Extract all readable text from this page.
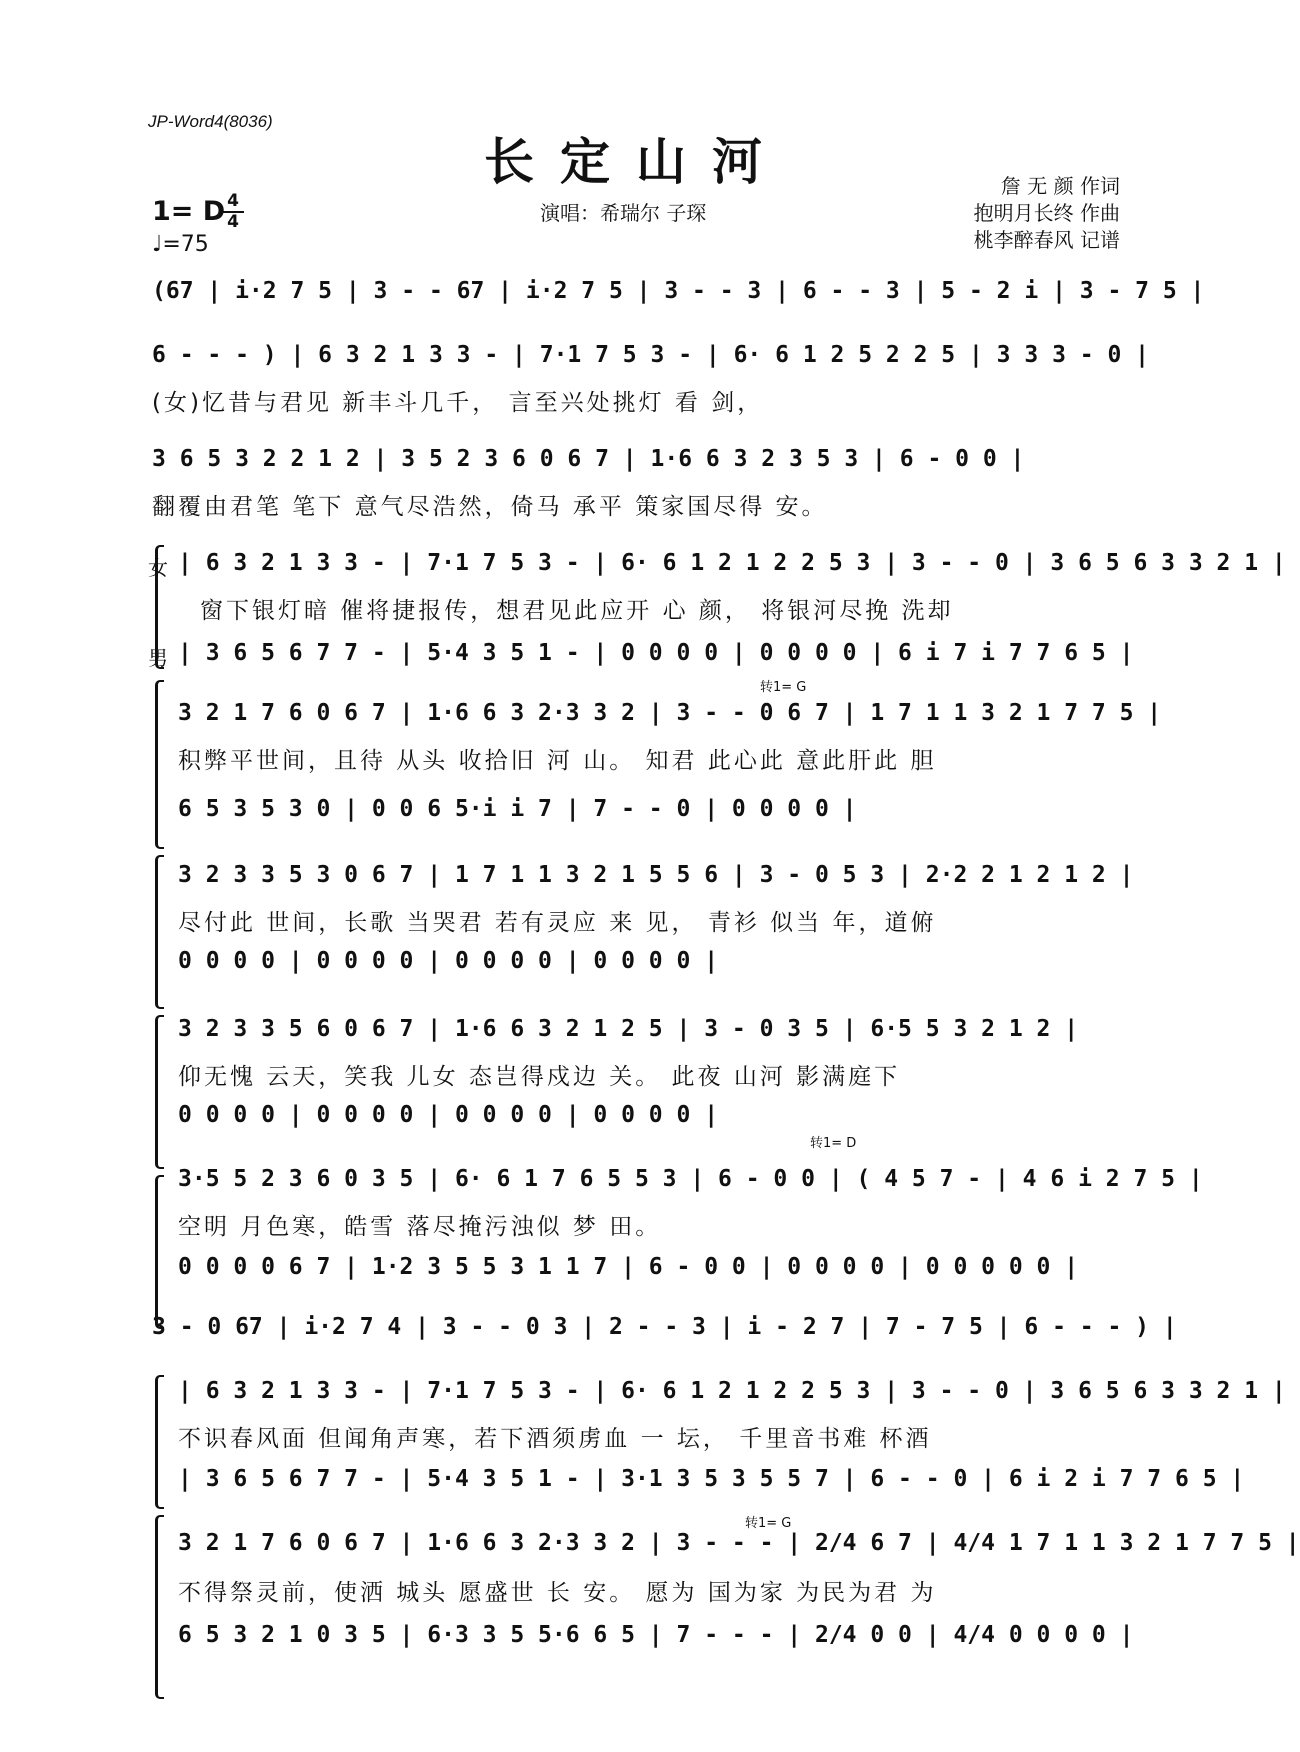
JP-Word4(8036)
长定山河
1= D 4
4
♩=75
演唱：希瑞尔 子琛
詹 无 颜 作词
抱明月长终 作曲
桃李醉春风 记谱
女
男
转1= G
转1= D
转1= G
(67 | i·2 7 5 | 3 - - 67 | i·2 7 5 | 3 - - 3 | 6 - - 3 | 5 - 2 i | 3 - 7 5 |
6 - - - ) | 6 3 2 1 3 3 - | 7·1 7 5 3 - | 6· 6 1 2 5 2 2 5 | 3 3 3 - 0 |
(女)忆昔与君见 新丰斗几千， 言至兴处挑灯 看 剑，
3 6 5 3 2 2 1 2 | 3 5 2 3 6 0 6 7 | 1·6 6 3 2 3 5 3 | 6 - 0 0 |
翻覆由君笔 笔下 意气尽浩然，倚马 承平 策家国尽得 安。
| 6 3 2 1 3 3 - | 7·1 7 5 3 - | 6· 6 1 2 1 2 2 5 3 | 3 - - 0 | 3 6 5 6 3 3 2 1 |
窗下银灯暗 催将捷报传，想君见此应开 心 颜， 将银河尽挽 洗却
| 3 6 5 6 7 7 - | 5·4 3 5 1 - | 0 0 0 0 | 0 0 0 0 | 6 i 7 i 7 7 6 5 |
3 2 1 7 6 0 6 7 | 1·6 6 3 2·3 3 2 | 3 - - 0 6 7 | 1 7 1 1 3 2 1 7 7 5 |
积弊平世间，且待 从头 收拾旧 河 山。 知君 此心此 意此肝此 胆
6 5 3 5 3 0 | 0 0 6 5·i i 7 | 7 - - 0 | 0 0 0 0 |
3 2 3 3 5 3 0 6 7 | 1 7 1 1 3 2 1 5 5 6 | 3 - 0 5 3 | 2·2 2 1 2 1 2 |
尽付此 世间，长歌 当哭君 若有灵应 来 见， 青衫 似当 年，道俯
0 0 0 0 | 0 0 0 0 | 0 0 0 0 | 0 0 0 0 |
3 2 3 3 5 6 0 6 7 | 1·6 6 3 2 1 2 5 | 3 - 0 3 5 | 6·5 5 3 2 1 2 |
仰无愧 云天，笑我 儿女 态岂得戍边 关。 此夜 山河 影满庭下
0 0 0 0 | 0 0 0 0 | 0 0 0 0 | 0 0 0 0 |
3·5 5 2 3 6 0 3 5 | 6· 6 1 7 6 5 5 3 | 6 - 0 0 | ( 4 5 7 - | 4 6 i 2 7 5 |
空明 月色寒，皓雪 落尽掩污浊似 梦 田。
0 0 0 0 6 7 | 1·2 3 5 5 3 1 1 7 | 6 - 0 0 | 0 0 0 0 | 0 0 0 0 0 |
3 - 0 67 | i·2 7 4 | 3 - - 0 3 | 2 - - 3 | i - 2 7 | 7 - 7 5 | 6 - - - ) |
| 6 3 2 1 3 3 - | 7·1 7 5 3 - | 6· 6 1 2 1 2 2 5 3 | 3 - - 0 | 3 6 5 6 3 3 2 1 |
不识春风面 但闻角声寒，若下酒须虏血 一 坛， 千里音书难 杯酒
| 3 6 5 6 7 7 - | 5·4 3 5 1 - | 3·1 3 5 3 5 5 7 | 6 - - 0 | 6 i 2 i 7 7 6 5 |
3 2 1 7 6 0 6 7 | 1·6 6 3 2·3 3 2 | 3 - - - | 2/4 6 7 | 4/4 1 7 1 1 3 2 1 7 7 5 |
不得祭灵前，使洒 城头 愿盛世 长 安。 愿为 国为家 为民为君 为
6 5 3 2 1 0 3 5 | 6·3 3 5 5·6 6 5 | 7 - - - | 2/4 0 0 | 4/4 0 0 0 0 |
